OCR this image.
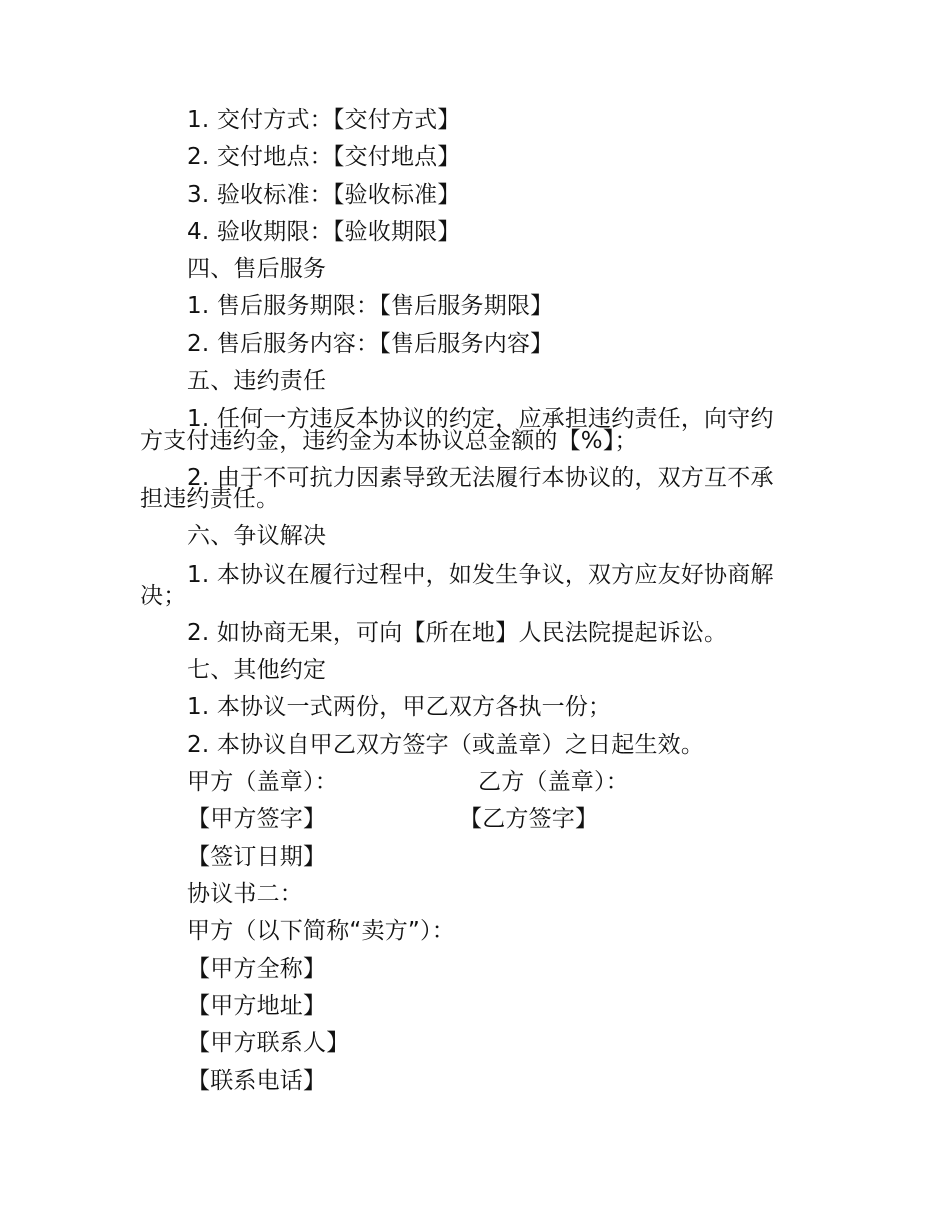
1. 交付方式：【交付方式】
2. 交付地点：【交付地点】
3. 验收标准：【验收标准】
4. 验收期限：【验收期限】
四、售后服务
1. 售后服务期限：【售后服务期限】
2. 售后服务内容：【售后服务内容】
五、违约责任
1. 任何一方违反本协议的约定，应承担违约责任，向守约
方支付违约金，违约金为本协议总金额的【%】；
2. 由于不可抗力因素导致无法履行本协议的，双方互不承
担违约责任。
六、争议解决
1. 本协议在履行过程中，如发生争议，双方应友好协商解
决；
2. 如协商无果，可向【所在地】人民法院提起诉讼。
七、其他约定
1. 本协议一式两份，甲乙双方各执一份；
2. 本协议自甲乙双方签字（或盖章）之日起生效。
甲方（盖章）：	乙方（盖章）：
【甲方签字】	【乙方签字】
【签订日期】
协议书二：
甲方（以下简称“卖方”）：
【甲方全称】
【甲方地址】
【甲方联系人】
【联系电话】
